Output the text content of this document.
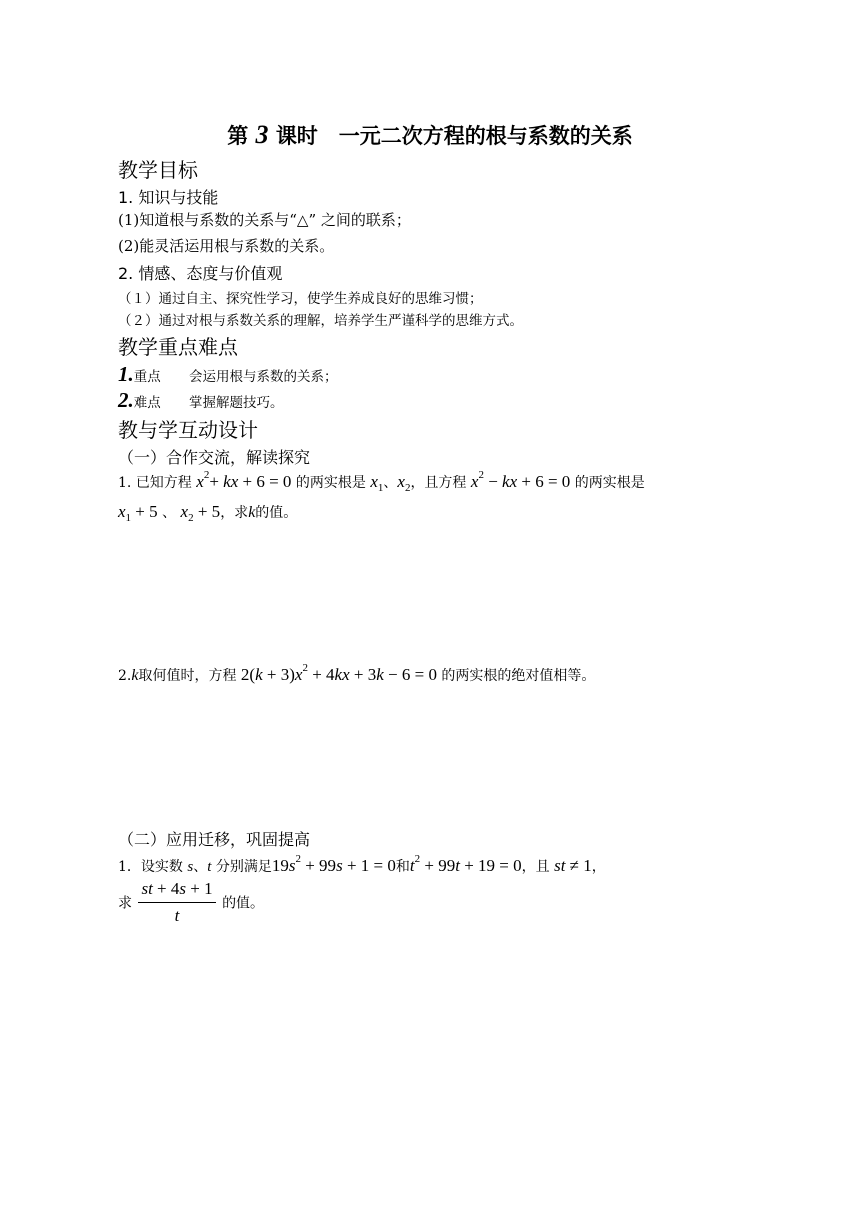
第 3 课时　一元二次方程的根与系数的关系
教学目标
1. 知识与技能
(1)知道根与系数的关系与“△” 之间的联系；
(2)能灵活运用根与系数的关系。
2. 情感、态度与价值观
（１）通过自主、探究性学习，使学生养成良好的思维习惯；
（２）通过对根与系数关系的理解，培养学生严谨科学的思维方式。
教学重点难点
1.重点 会运用根与系数的关系；
2.难点 掌握解题技巧。
教与学互动设计
（一）合作交流，解读探究
1. 已知方程 $x^2+$ kx + 6 = 0 的两实根是 $x_1$、$x_2$，且方程 $x^2$ − kx + 6 = 0 的两实根是
$x_1 + 5$ 、 $x_2 + 5$，求k的值。
2.k取何值时，方程 $2(k + 3)x^2 + 4kx + 3k - 6 = 0$ 的两实根的绝对值相等。
（二）应用迁移，巩固提高
1．设实数 s、t 分别满足$19s^2 + 99s + 1 = 0$和$t^2 + 99t + 19 = 0$，且 st ≠ 1，
求 $\frac{st + 4s + 1}{t}$ 的值。
